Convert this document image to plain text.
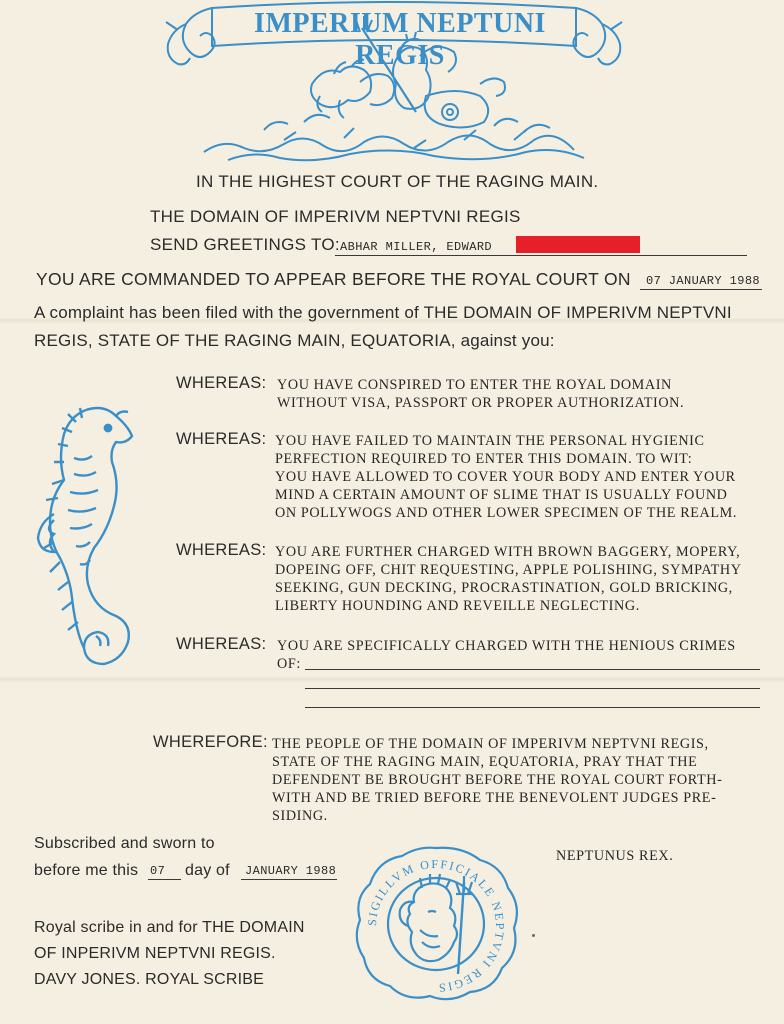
IMPERIUM NEPTUNI REGIS
IN THE HIGHEST COURT OF THE RAGING MAIN.
THE DOMAIN OF IMPERIVM NEPTVNI REGIS
SEND GREETINGS TO: ABHAR MILLER, EDWARD
YOU ARE COMMANDED TO APPEAR BEFORE THE ROYAL COURT ON 07 JANUARY 1988
A complaint has been filed with the government of THE DOMAIN OF IMPERIVM NEPTVNI
REGIS, STATE OF THE RAGING MAIN, EQUATORIA, against you:
WHEREAS: YOU HAVE CONSPIRED TO ENTER THE ROYAL DOMAIN
WITHOUT VISA, PASSPORT OR PROPER AUTHORIZATION.
WHEREAS: YOU HAVE FAILED TO MAINTAIN THE PERSONAL HYGIENIC
PERFECTION REQUIRED TO ENTER THIS DOMAIN. TO WIT:
YOU HAVE ALLOWED TO COVER YOUR BODY AND ENTER YOUR
MIND A CERTAIN AMOUNT OF SLIME THAT IS USUALLY FOUND
ON POLLYWOGS AND OTHER LOWER SPECIMEN OF THE REALM.
WHEREAS: YOU ARE FURTHER CHARGED WITH BROWN BAGGERY, MOPERY,
DOPEING OFF, CHIT REQUESTING, APPLE POLISHING, SYMPATHY
SEEKING, GUN DECKING, PROCRASTINATION, GOLD BRICKING,
LIBERTY HOUNDING AND REVEILLE NEGLECTING.
WHEREAS: YOU ARE SPECIFICALLY CHARGED WITH THE HENIOUS CRIMES
OF:
WHEREFORE: THE PEOPLE OF THE DOMAIN OF IMPERIVM NEPTVNI REGIS,
STATE OF THE RAGING MAIN, EQUATORIA, PRAY THAT THE
DEFENDENT BE BROUGHT BEFORE THE ROYAL COURT FORTH-
WITH AND BE TRIED BEFORE THE BENEVOLENT JUDGES PRE-
SIDING.
Subscribed and sworn to
before me this 07 day of JANUARY 1988
NEPTUNUS REX.
Royal scribe in and for THE DOMAIN
OF INPERIVM NEPTVNI REGIS.
DAVY JONES. ROYAL SCRIBE
SIGILLVM OFFICIALE NEPTVNI REGIS
